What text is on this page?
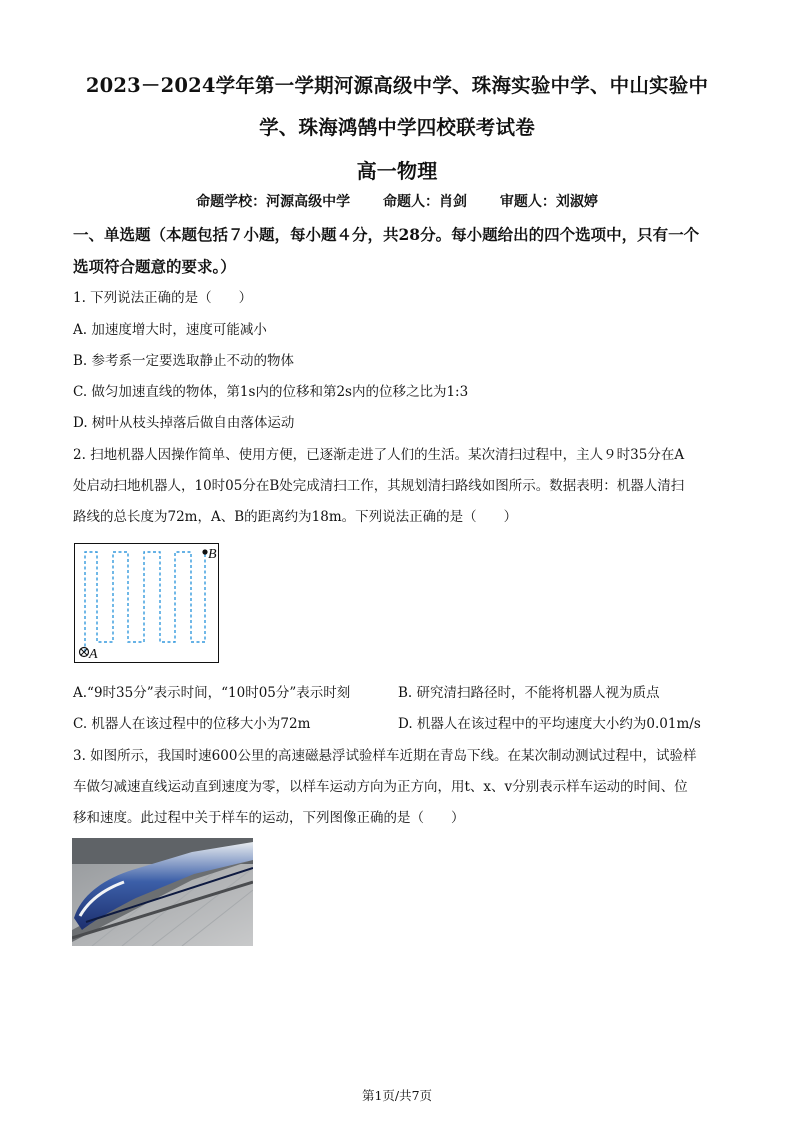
2023－2024学年第一学期河源高级中学、珠海实验中学、中山实验中
学、珠海鸿鹄中学四校联考试卷
高一物理
命题学校：河源高级中学 命题人：肖剑 审题人：刘淑婷
一、单选题（本题包括７小题，每小题４分，共28分。每小题给出的四个选项中，只有一个
选项符合题意的要求。）
1. 下列说法正确的是（　　）
A. 加速度增大时，速度可能减小
B. 参考系一定要选取静止不动的物体
C. 做匀加速直线的物体，第1s内的位移和第2s内的位移之比为1:3
D. 树叶从枝头掉落后做自由落体运动
2. 扫地机器人因操作简单、使用方便，已逐渐走进了人们的生活。某次清扫过程中，主人９时35分在A
处启动扫地机器人，10时05分在B处完成清扫工作，其规划清扫路线如图所示。数据表明：机器人清扫
路线的总长度为72m，A、B的距离约为18m。下列说法正确的是（　　）
B
A
A.“9时35分”表示时间，“10时05分”表示时刻	B. 研究清扫路径时，不能将机器人视为质点
C. 机器人在该过程中的位移大小为72m	D. 机器人在该过程中的平均速度大小约为0.01m/s
3. 如图所示，我国时速600公里的高速磁悬浮试验样车近期在青岛下线。在某次制动测试过程中，试验样
车做匀减速直线运动直到速度为零，以样车运动方向为正方向，用t、x、v分别表示样车运动的时间、位
移和速度。此过程中关于样车的运动，下列图像正确的是（　　）
第1页/共7页
